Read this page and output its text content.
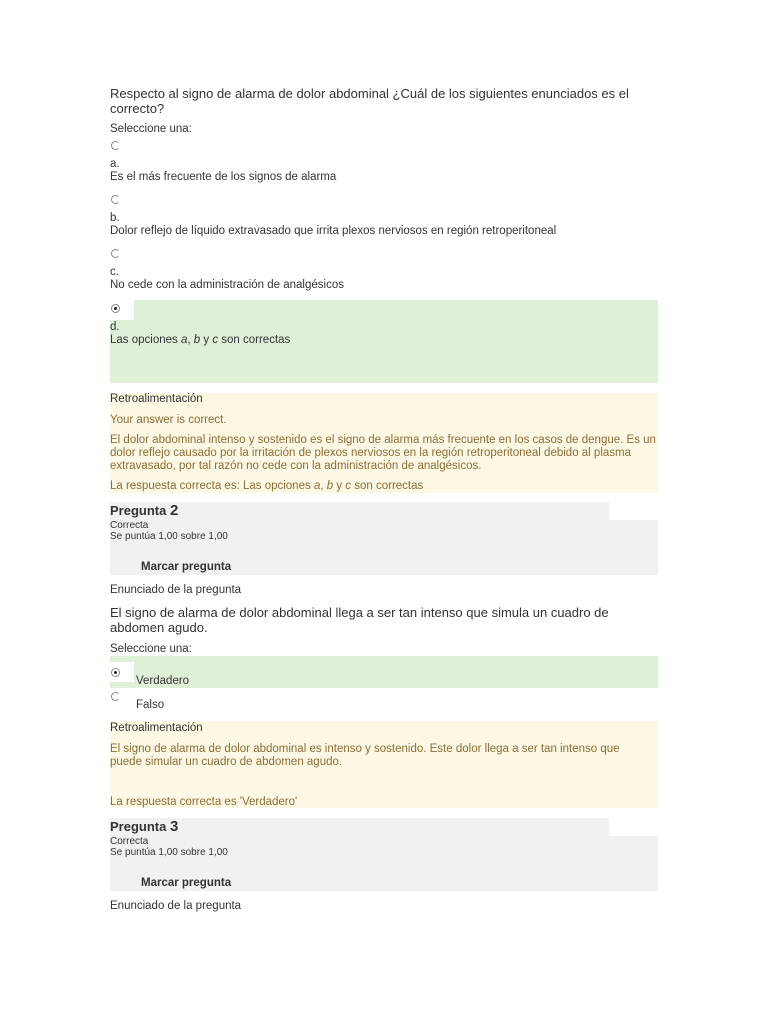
Respecto al signo de alarma de dolor abdominal ¿Cuál de los siguientes enunciados es el correcto?
Seleccione una:
a.
Es el más frecuente de los signos de alarma
b.
Dolor reflejo de líquido extravasado que irrita plexos nerviosos en región retroperitoneal
c.
No cede con la administración de analgésicos
d.
Las opciones a, b y c son correctas
Retroalimentación
Your answer is correct.
El dolor abdominal intenso y sostenido es el signo de alarma más frecuente en los casos de dengue. Es un dolor reflejo causado por la irritación de plexos nerviosos en la región retroperitoneal debido al plasma extravasado, por tal razón no cede con la administración de analgésicos.
La respuesta correcta es: Las opciones a, b y c son correctas
Pregunta 2
Correcta
Se puntúa 1,00 sobre 1,00
Marcar pregunta
Enunciado de la pregunta
El signo de alarma de dolor abdominal llega a ser tan intenso que simula un cuadro de abdomen agudo.
Seleccione una:
Verdadero
Falso
Retroalimentación
El signo de alarma de dolor abdominal es intenso y sostenido. Este dolor llega a ser tan intenso que puede simular un cuadro de abdomen agudo.
La respuesta correcta es 'Verdadero'
Pregunta 3
Correcta
Se puntúa 1,00 sobre 1,00
Marcar pregunta
Enunciado de la pregunta
